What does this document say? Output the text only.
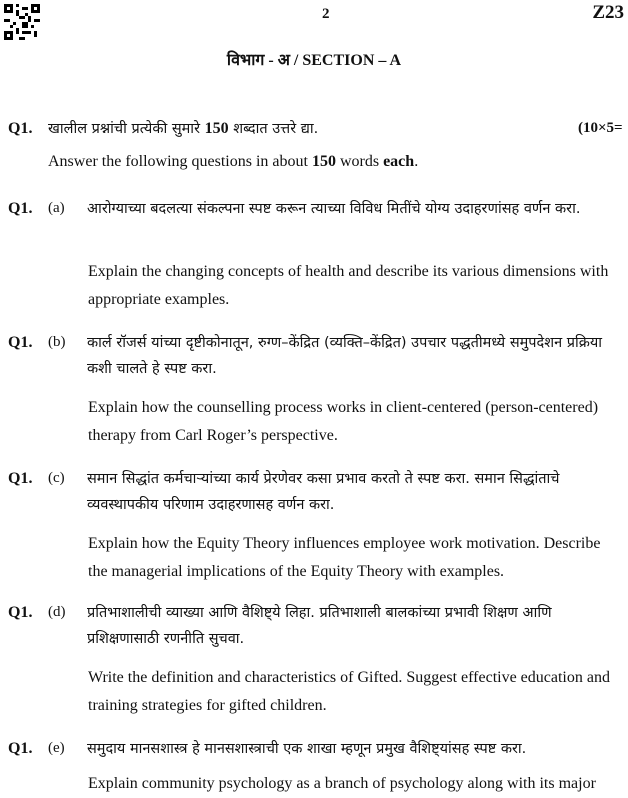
2	Z23
विभाग - अ / SECTION – A
Q1. खालील प्रश्नांची प्रत्येकी सुमारे 150 शब्दात उत्तरे द्या.	(10×5=
Answer the following questions in about 150 words each.
Q1. (a) आरोग्याच्या बदलत्या संकल्पना स्पष्ट करून त्याच्या विविध मितींचे योग्य उदाहरणांसह वर्णन करा.
Explain the changing concepts of health and describe its various dimensions with appropriate examples.
Q1. (b) कार्ल रॉजर्स यांच्या दृष्टीकोनातून, रुग्ण–केंद्रित (व्यक्ति–केंद्रित) उपचार पद्धतीमध्ये समुपदेशन प्रक्रिया कशी चालते हे स्पष्ट करा.
Explain how the counselling process works in client-centered (person-centered) therapy from Carl Roger’s perspective.
Q1. (c) समान सिद्धांत कर्मचाऱ्यांच्या कार्य प्रेरणेवर कसा प्रभाव करतो ते स्पष्ट करा. समान सिद्धांताचे व्यवस्थापकीय परिणाम उदाहरणासह वर्णन करा.
Explain how the Equity Theory influences employee work motivation. Describe the managerial implications of the Equity Theory with examples.
Q1. (d) प्रतिभाशालीची व्याख्या आणि वैशिष्ट्ये लिहा. प्रतिभाशाली बालकांच्या प्रभावी शिक्षण आणि प्रशिक्षणासाठी रणनीति सुचवा.
Write the definition and characteristics of Gifted. Suggest effective education and training strategies for gifted children.
Q1. (e) समुदाय मानसशास्त्र हे मानसशास्त्राची एक शाखा म्हणून प्रमुख वैशिष्ट्यांसह स्पष्ट करा.
Explain community psychology as a branch of psychology along with its major
